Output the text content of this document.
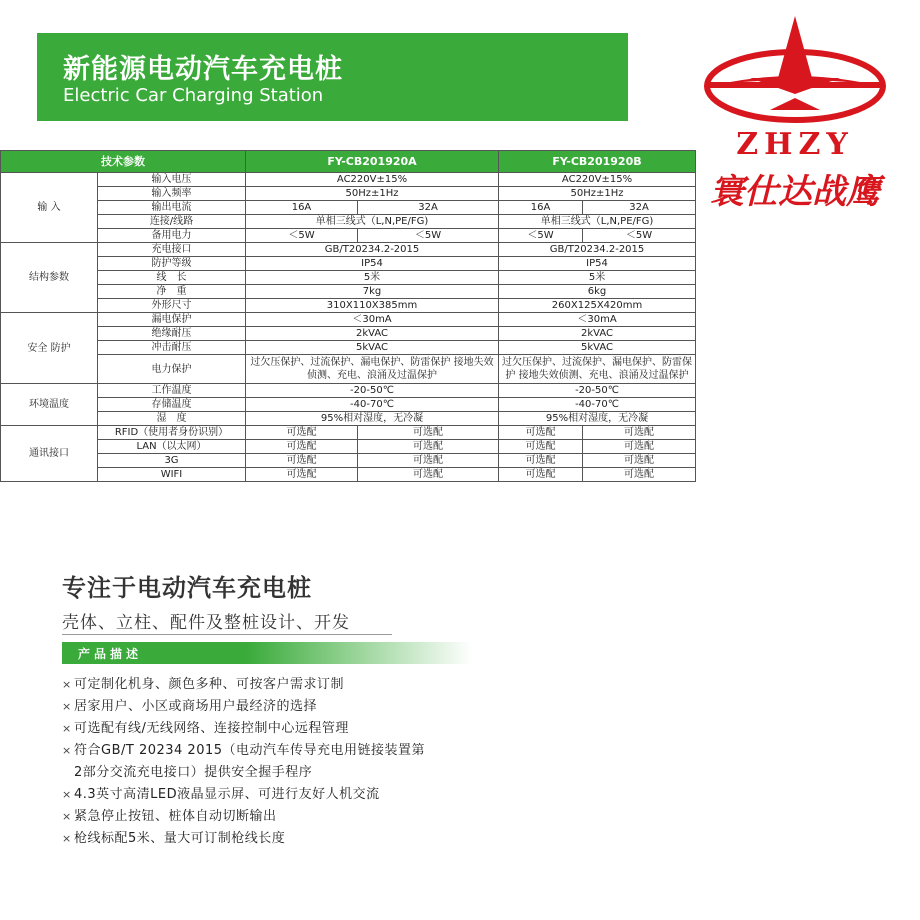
新能源电动汽车充电桩
Electric Car Charging Station
ZHZY
寰仕达战鹰
技术参数		FY-CB201920A		FY-CB201920B	
输 入	输入电压	AC220V±15%		AC220V±15%	
	输入频率	50Hz±1Hz		50Hz±1Hz	
	输出电流	16A	32A	16A	32A
	连接/线路	单相三线式（L,N,PE/FG)		单相三线式（L,N,PE/FG)	
	备用电力	＜5W	＜5W	＜5W	＜5W
结构参数	充电接口	GB/T20234.2-2015		GB/T20234.2-2015	
	防护等级	IP54		IP54	
	线　长	5米		5米	
	净　重	7kg		6kg	
	外形尺寸	310X110X385mm		260X125X420mm	
安全 防护	漏电保护	＜30mA		＜30mA	
	绝缘耐压	2kVAC		2kVAC	
	冲击耐压	5kVAC		5kVAC	
	电力保护	过欠压保护、过流保护、漏电保护、防雷保护 接地失效侦测、充电、浪涌及过温保护		过欠压保护、过流保护、漏电保护、防雷保护 接地失效侦测、充电、浪涌及过温保护	
环境温度	工作温度	-20-50℃		-20-50℃	
	存储温度	-40-70℃		-40-70℃	
	湿　度	95%相对湿度，无冷凝		95%相对湿度，无冷凝	
通讯接口	RFID（使用者身份识别）	可选配	可选配	可选配	可选配
	LAN（以太网）	可选配	可选配	可选配	可选配
	3G	可选配	可选配	可选配	可选配
	WIFI	可选配	可选配	可选配	可选配
专注于电动汽车充电桩
壳体、立柱、配件及整桩设计、开发
产品描述
× 可定制化机身、颜色多种、可按客户需求订制
× 居家用户、小区或商场用户最经济的选择
× 可选配有线/无线网络、连接控制中心远程管理
× 符合GB/T 20234 2015（电动汽车传导充电用链接装置第
2部分交流充电接口）提供安全握手程序
× 4.3英寸高清LED液晶显示屏、可进行友好人机交流
× 紧急停止按钮、桩体自动切断输出
× 枪线标配5米、量大可订制枪线长度
